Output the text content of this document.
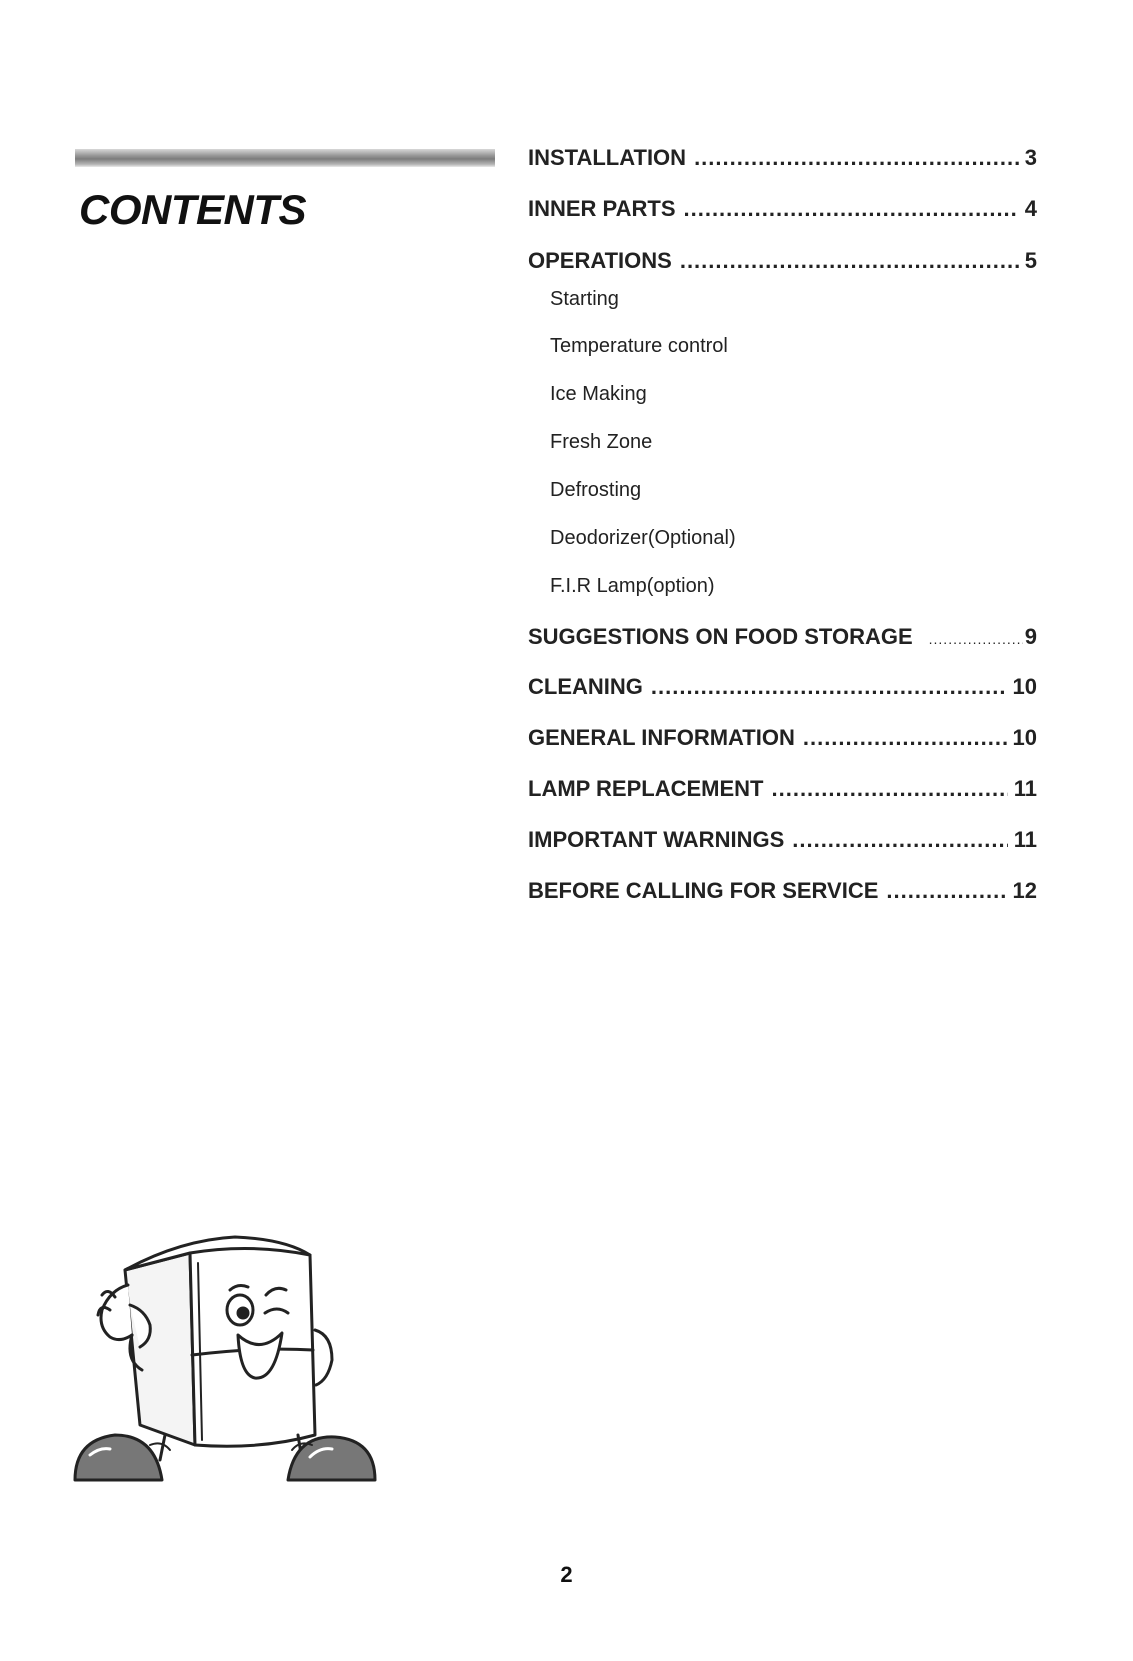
CONTENTS
INSTALLATION .....	3
INNER PARTS .....	4
OPERATIONS .....	5
Starting
Temperature control
Ice Making
Fresh Zone
Defrosting
Deodorizer(Optional)
F.I.R Lamp(option)
SUGGESTIONS ON FOOD STORAGE .....	9
CLEANING .....	10
GENERAL INFORMATION .....	10
LAMP REPLACEMENT .....	11
IMPORTANT WARNINGS .....	11
BEFORE CALLING FOR SERVICE .....	12
2
